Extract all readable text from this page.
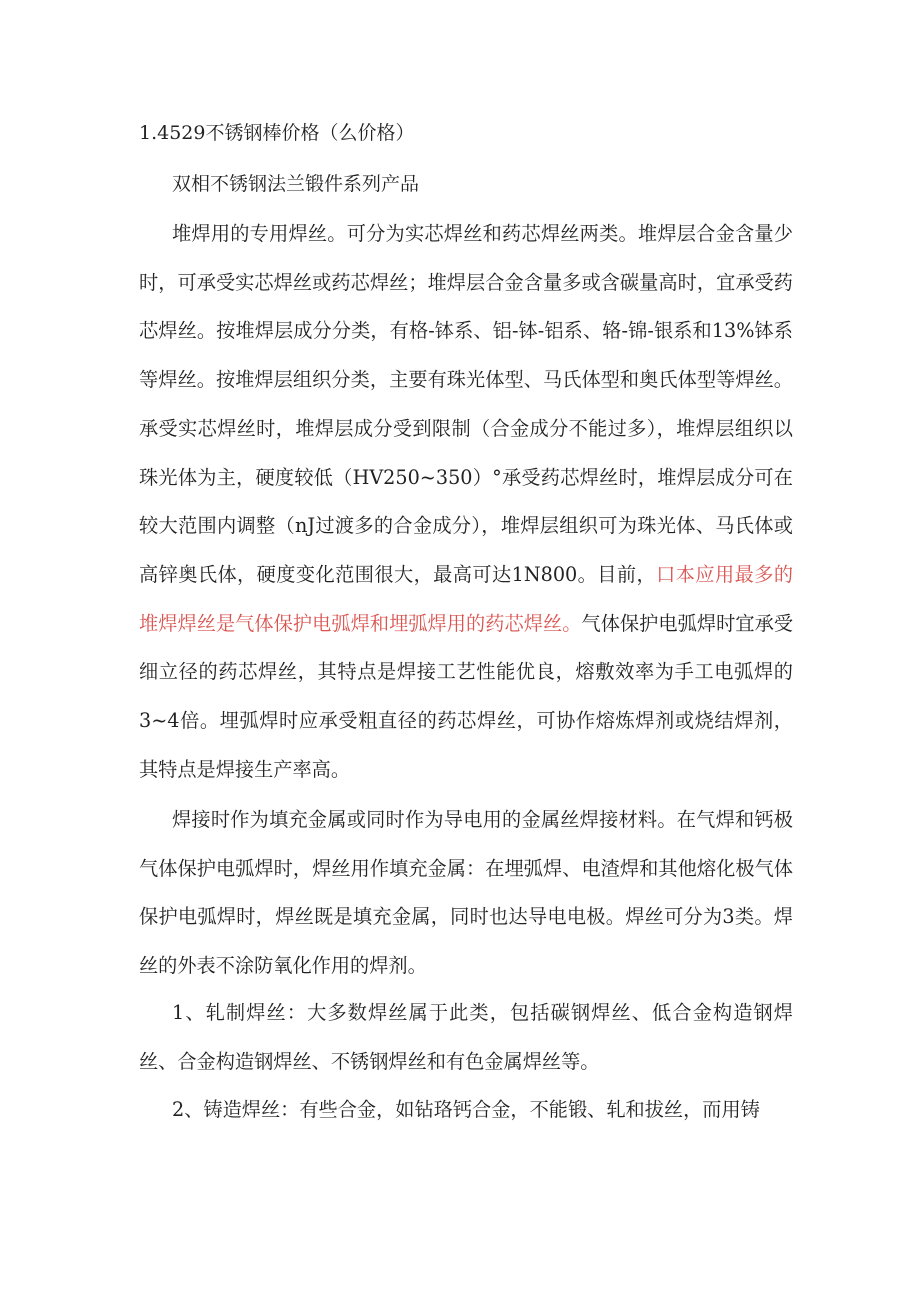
1.4529不锈钢棒价格（么价格）
双相不锈钢法兰锻件系列产品

堆焊用的专用焊丝。可分为实芯焊丝和药芯焊丝两类。堆焊层合金含量少时，可承受实芯焊丝或药芯焊丝；堆焊层合金含量多或含碳量高时，宜承受药芯焊丝。按堆焊层成分分类，有格-钵系、铝-钵-铝系、辂-锦-银系和13%钵系等焊丝。按堆焊层组织分类，主要有珠光体型、马氏体型和奥氏体型等焊丝。承受实芯焊丝时，堆焊层成分受到限制（合金成分不能过多），堆焊层组织以珠光体为主，硬度较低（HV250~350）°承受药芯焊丝时，堆焊层成分可在较大范围内调整（nJ过渡多的合金成分），堆焊层组织可为珠光体、马氏体或高锌奥氏体，硬度变化范围很大，最高可达1N800。目前，口本应用最多的堆焊焊丝是气体保护电弧焊和埋弧焊用的药芯焊丝。气体保护电弧焊时宜承受细立径的药芯焊丝，其特点是焊接工艺性能优良，熔敷效率为手工电弧焊的3~4倍。埋弧焊时应承受粗直径的药芯焊丝，可协作熔炼焊剂或烧结焊剂，其特点是焊接生产率高。

焊接时作为填充金属或同时作为导电用的金属丝焊接材料。在气焊和钙极气体保护电弧焊时，焊丝用作填充金属：在埋弧焊、电渣焊和其他熔化极气体保护电弧焊时，焊丝既是填充金属，同时也达导电电极。焊丝可分为3类。焊丝的外表不涂防氧化作用的焊剂。

1、轧制焊丝：大多数焊丝属于此类，包括碳钢焊丝、低合金构造钢焊丝、合金构造钢焊丝、不锈钢焊丝和有色金属焊丝等。

2、铸造焊丝：有些合金，如钻珞钙合金，不能锻、轧和拔丝，而用铸
